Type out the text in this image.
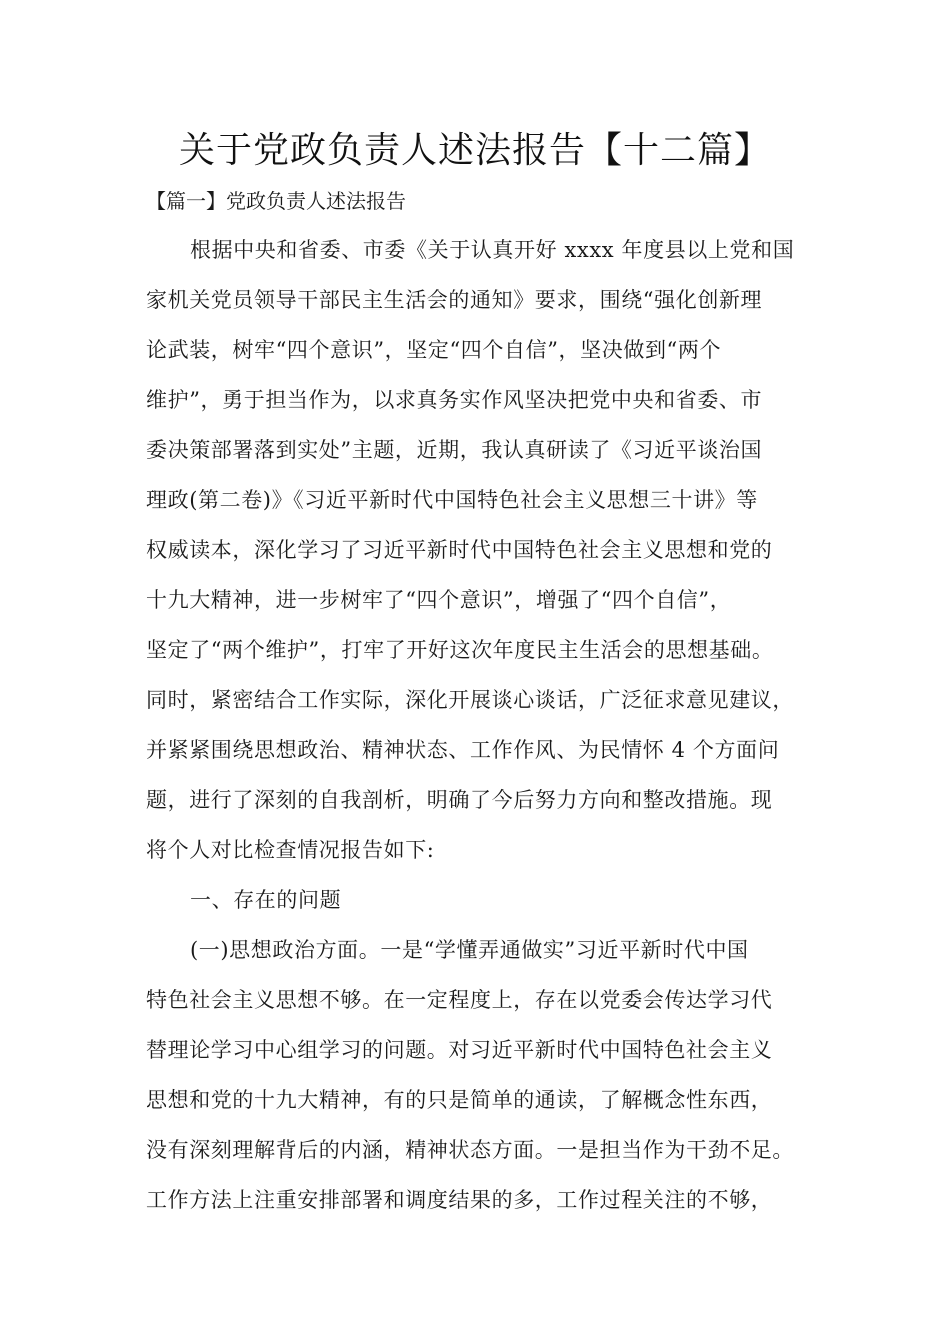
关于党政负责人述法报告【十二篇】
【篇一】党政负责人述法报告
根据中央和省委、市委《关于认真开好 xxxx 年度县以上党和国
家机关党员领导干部民主生活会的通知》要求，围绕“强化创新理
论武装，树牢“四个意识”，坚定“四个自信”，坚决做到“两个
维护”，勇于担当作为，以求真务实作风坚决把党中央和省委、市
委决策部署落到实处”主题，近期，我认真研读了《习近平谈治国
理政(第二卷)》《习近平新时代中国特色社会主义思想三十讲》等
权威读本，深化学习了习近平新时代中国特色社会主义思想和党的
十九大精神，进一步树牢了“四个意识”，增强了“四个自信”，
坚定了“两个维护”，打牢了开好这次年度民主生活会的思想基础。
同时，紧密结合工作实际，深化开展谈心谈话，广泛征求意见建议，
并紧紧围绕思想政治、精神状态、工作作风、为民情怀 4 个方面问
题，进行了深刻的自我剖析，明确了今后努力方向和整改措施。现
将个人对比检查情况报告如下:
一、存在的问题
(一)思想政治方面。一是“学懂弄通做实”习近平新时代中国
特色社会主义思想不够。在一定程度上，存在以党委会传达学习代
替理论学习中心组学习的问题。对习近平新时代中国特色社会主义
思想和党的十九大精神，有的只是简单的通读，了解概念性东西，
没有深刻理解背后的内涵，精神状态方面。一是担当作为干劲不足。
工作方法上注重安排部署和调度结果的多，工作过程关注的不够，
